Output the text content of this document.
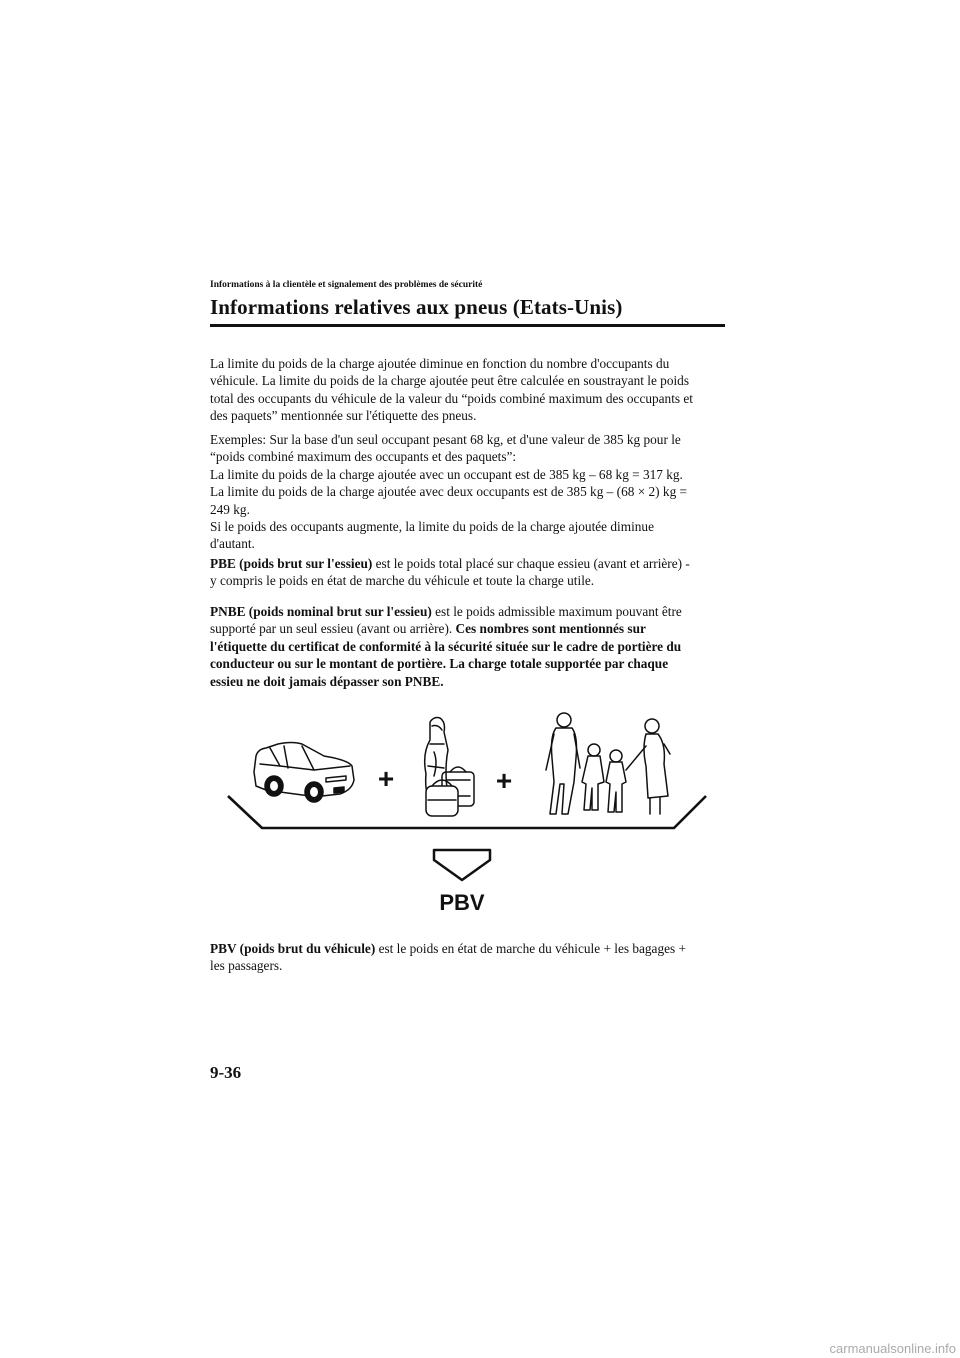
Informations à la clientèle et signalement des problèmes de sécurité
Informations relatives aux pneus (Etats-Unis)

La limite du poids de la charge ajoutée diminue en fonction du nombre d'occupants du
véhicule. La limite du poids de la charge ajoutée peut être calculée en soustrayant le poids
total des occupants du véhicule de la valeur du “poids combiné maximum des occupants et
des paquets” mentionnée sur l'étiquette des pneus.

Exemples: Sur la base d'un seul occupant pesant 68 kg, et d'une valeur de 385 kg pour le
“poids combiné maximum des occupants et des paquets”:
La limite du poids de la charge ajoutée avec un occupant est de 385 kg – 68 kg = 317 kg.
La limite du poids de la charge ajoutée avec deux occupants est de 385 kg – (68 × 2) kg =
249 kg.
Si le poids des occupants augmente, la limite du poids de la charge ajoutée diminue
d'autant.

PBE (poids brut sur l'essieu) est le poids total placé sur chaque essieu (avant et arrière) -
y compris le poids en état de marche du véhicule et toute la charge utile.

PNBE (poids nominal brut sur l'essieu) est le poids admissible maximum pouvant être
supporté par un seul essieu (avant ou arrière). Ces nombres sont mentionnés sur
l'étiquette du certificat de conformité à la sécurité située sur le cadre de portière du
conducteur ou sur le montant de portière. La charge totale supportée par chaque
essieu ne doit jamais dépasser son PNBE.

+	+
PBV

PBV (poids brut du véhicule) est le poids en état de marche du véhicule + les bagages +
les passagers.

9-36
carmanualsonline.info
